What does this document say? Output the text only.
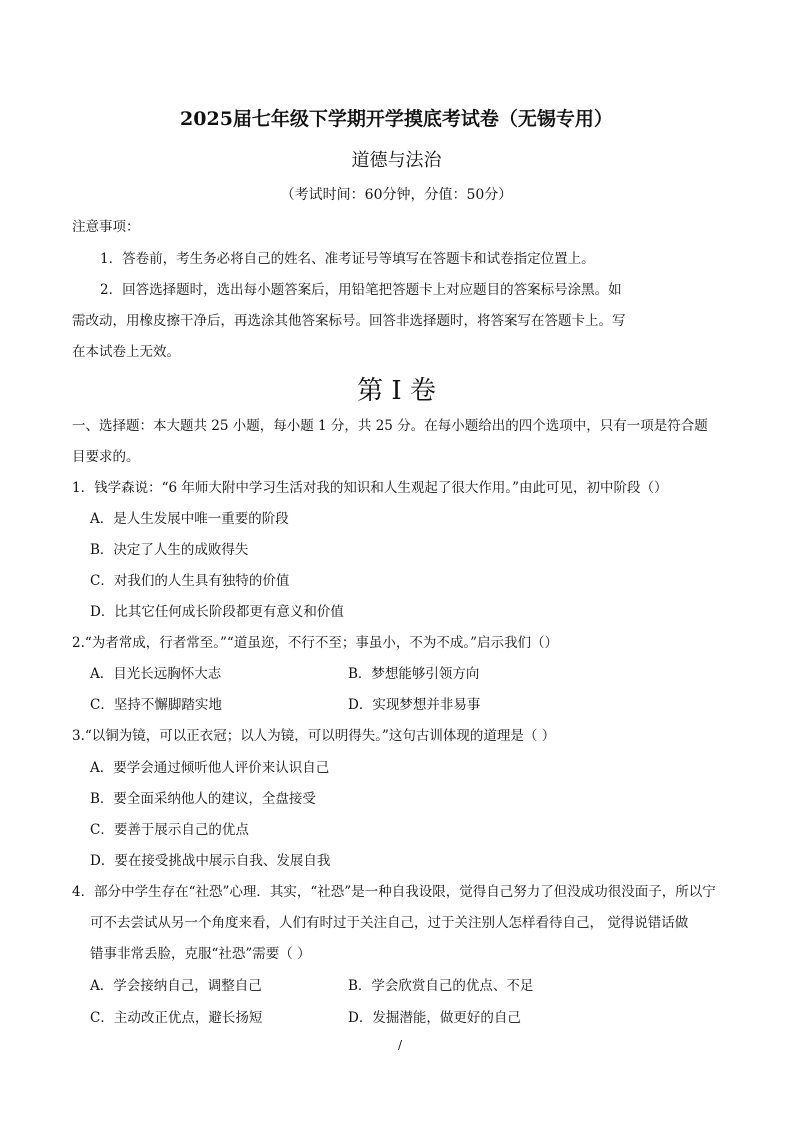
2025届七年级下学期开学摸底考试卷（无锡专用）
道德与法治
（考试时间：60分钟，分值：50分）
注意事项：
1．答卷前，考生务必将自己的姓名、准考证号等填写在答题卡和试卷指定位置上。
2．回答选择题时，选出每小题答案后，用铅笔把答题卡上对应题目的答案标号涂黑。如
需改动，用橡皮擦干净后，再选涂其他答案标号。回答非选择题时，将答案写在答题卡上。写
在本试卷上无效。
第 I 卷
一、选择题：本大题共 25 小题，每小题 1 分，共 25 分。在每小题给出的四个选项中，只有一项是符合题
目要求的。
1．钱学森说：“6 年师大附中学习生活对我的知识和人生观起了很大作用。”由此可见，初中阶段（）
A．是人生发展中唯一重要的阶段
B．决定了人生的成败得失
C．对我们的人生具有独特的价值
D．比其它任何成长阶段都更有意义和价值
2.“为者常成，行者常至。”“道虽迩，不行不至；事虽小，不为不成。”启示我们（）
A．目光长远胸怀大志	B．梦想能够引领方向
C．坚持不懈脚踏实地	D．实现梦想并非易事
3.“以铜为镜，可以正衣冠；以人为镜，可以明得失。”这句古训体现的道理是（ ）
A．要学会通过倾听他人评价来认识自己
B．要全面采纳他人的建议，全盘接受
C．要善于展示自己的优点
D．要在接受挑战中展示自我、发展自我
4．部分中学生存在“社恐”心理．其实，“社恐”是一种自我设限，觉得自己努力了但没成功很没面子，所以宁
可不去尝试从另一个角度来看，人们有时过于关注自己，过于关注别人怎样看待自己， 觉得说错话做
错事非常丢脸，克服“社恐”需要（ ）
A．学会接纳自己，调整自己	B．学会欣赏自己的优点、不足
C．主动改正优点，避长扬短	D．发掘潜能，做更好的自己
/
